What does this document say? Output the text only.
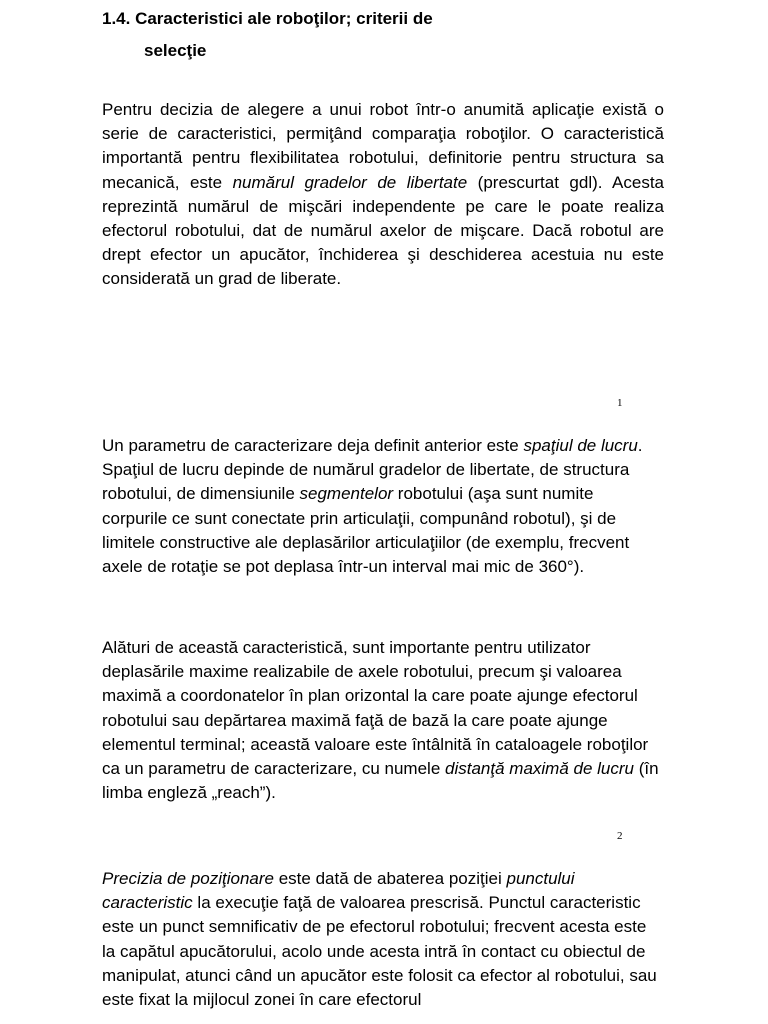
1.4. Caracteristici ale roboţilor; criterii de
selecţie

Pentru decizia de alegere a unui robot într-o anumită aplicaţie există o serie de caracteristici, permiţând comparaţia roboţilor. O caracteristică importantă pentru flexibilitatea robotului, definitorie pentru structura sa mecanică, este numărul gradelor de libertate (prescurtat gdl). Acesta reprezintă numărul de mişcări independente pe care le poate realiza efectorul robotului, dat de numărul axelor de mişcare. Dacă robotul are drept efector un apucător, închiderea şi deschiderea acestuia nu este considerată un grad de liberate.

1

Un parametru de caracterizare deja definit anterior este spaţiul de lucru. Spaţiul de lucru depinde de numărul gradelor de libertate, de structura robotului, de dimensiunile segmentelor robotului (aşa sunt numite corpurile ce sunt conectate prin articulaţii, compunând robotul), şi de limitele constructive ale deplasărilor articulaţiilor (de exemplu, frecvent axele de rotaţie se pot deplasa într-un interval mai mic de 360°).

Alături de această caracteristică, sunt importante pentru utilizator deplasările maxime realizabile de axele robotului, precum şi valoarea maximă a coordonatelor în plan orizontal la care poate ajunge efectorul robotului sau depărtarea maximă faţă de bază la care poate ajunge elementul terminal; această valoare este întâlnită în cataloagele roboţilor ca un parametru de caracterizare, cu numele distanţă maximă de lucru (în limba engleză „reach”).

2

Precizia de poziţionare este dată de abaterea poziţiei punctului caracteristic la execuţie faţă de valoarea prescrisă. Punctul caracteristic este un punct semnificativ de pe efectorul robotului; frecvent acesta este la capătul apucătorului, acolo unde acesta intră în contact cu obiectul de manipulat, atunci când un apucător este folosit ca efector al robotului, sau este fixat la mijlocul zonei în care efectorul
